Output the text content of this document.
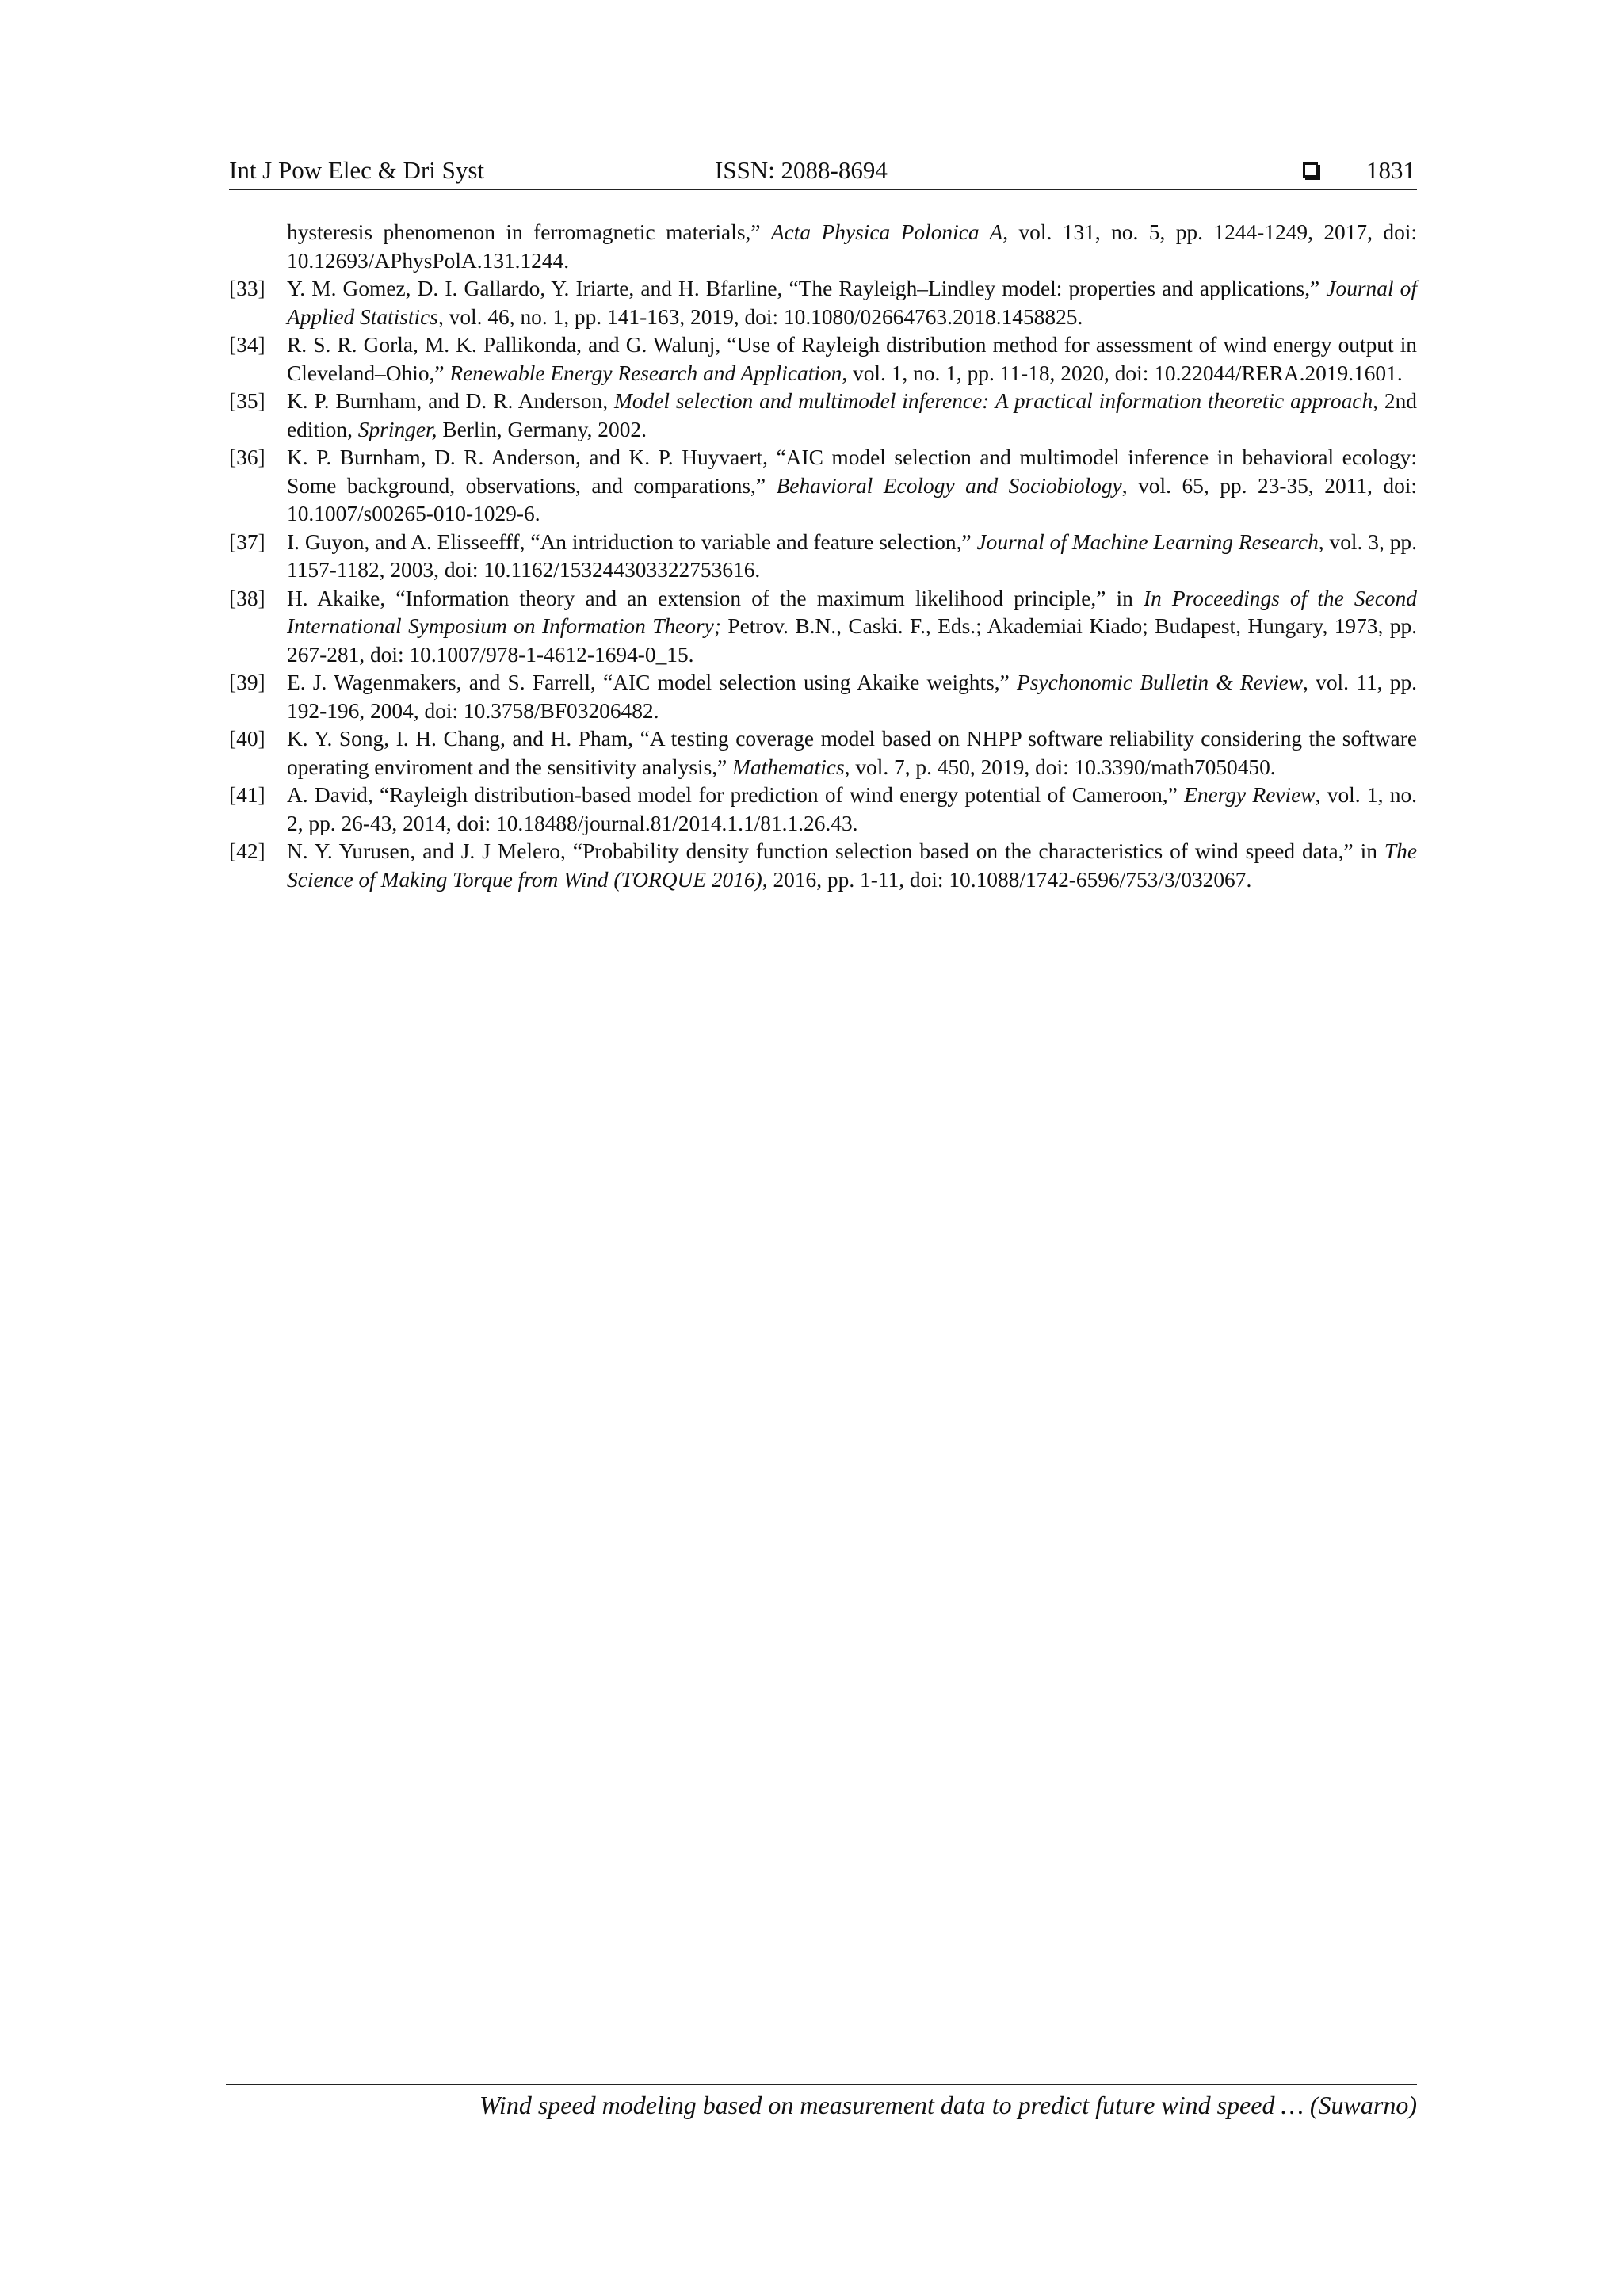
Int J Pow Elec & Dri Syst	ISSN: 2088-8694	1831
hysteresis phenomenon in ferromagnetic materials,” Acta Physica Polonica A, vol. 131, no. 5, pp. 1244-1249, 2017, doi: 10.12693/APhysPolA.131.1244.
[33] Y. M. Gomez, D. I. Gallardo, Y. Iriarte, and H. Bfarline, “The Rayleigh–Lindley model: properties and applications,” Journal of Applied Statistics, vol. 46, no. 1, pp. 141-163, 2019, doi: 10.1080/02664763.2018.1458825.
[34] R. S. R. Gorla, M. K. Pallikonda, and G. Walunj, “Use of Rayleigh distribution method for assessment of wind energy output in Cleveland–Ohio,” Renewable Energy Research and Application, vol. 1, no. 1, pp. 11-18, 2020, doi: 10.22044/RERA.2019.1601.
[35] K. P. Burnham, and D. R. Anderson, Model selection and multimodel inference: A practical information theoretic approach, 2nd edition, Springer, Berlin, Germany, 2002.
[36] K. P. Burnham, D. R. Anderson, and K. P. Huyvaert, “AIC model selection and multimodel inference in behavioral ecology: Some background, observations, and comparations,” Behavioral Ecology and Sociobiology, vol. 65, pp. 23-35, 2011, doi: 10.1007/s00265-010-1029-6.
[37] I. Guyon, and A. Elisseefff, “An intriduction to variable and feature selection,” Journal of Machine Learning Research, vol. 3, pp. 1157-1182, 2003, doi: 10.1162/153244303322753616.
[38] H. Akaike, “Information theory and an extension of the maximum likelihood principle,” in In Proceedings of the Second International Symposium on Information Theory; Petrov. B.N., Caski. F., Eds.; Akademiai Kiado; Budapest, Hungary, 1973, pp. 267-281, doi: 10.1007/978-1-4612-1694-0_15.
[39] E. J. Wagenmakers, and S. Farrell, “AIC model selection using Akaike weights,” Psychonomic Bulletin & Review, vol. 11, pp. 192-196, 2004, doi: 10.3758/BF03206482.
[40] K. Y. Song, I. H. Chang, and H. Pham, “A testing coverage model based on NHPP software reliability considering the software operating enviroment and the sensitivity analysis,” Mathematics, vol. 7, p. 450, 2019, doi: 10.3390/math7050450.
[41] A. David, “Rayleigh distribution-based model for prediction of wind energy potential of Cameroon,” Energy Review, vol. 1, no. 2, pp. 26-43, 2014, doi: 10.18488/journal.81/2014.1.1/81.1.26.43.
[42] N. Y. Yurusen, and J. J Melero, “Probability density function selection based on the characteristics of wind speed data,” in The Science of Making Torque from Wind (TORQUE 2016), 2016, pp. 1-11, doi: 10.1088/1742-6596/753/3/032067.
Wind speed modeling based on measurement data to predict future wind speed … (Suwarno)
